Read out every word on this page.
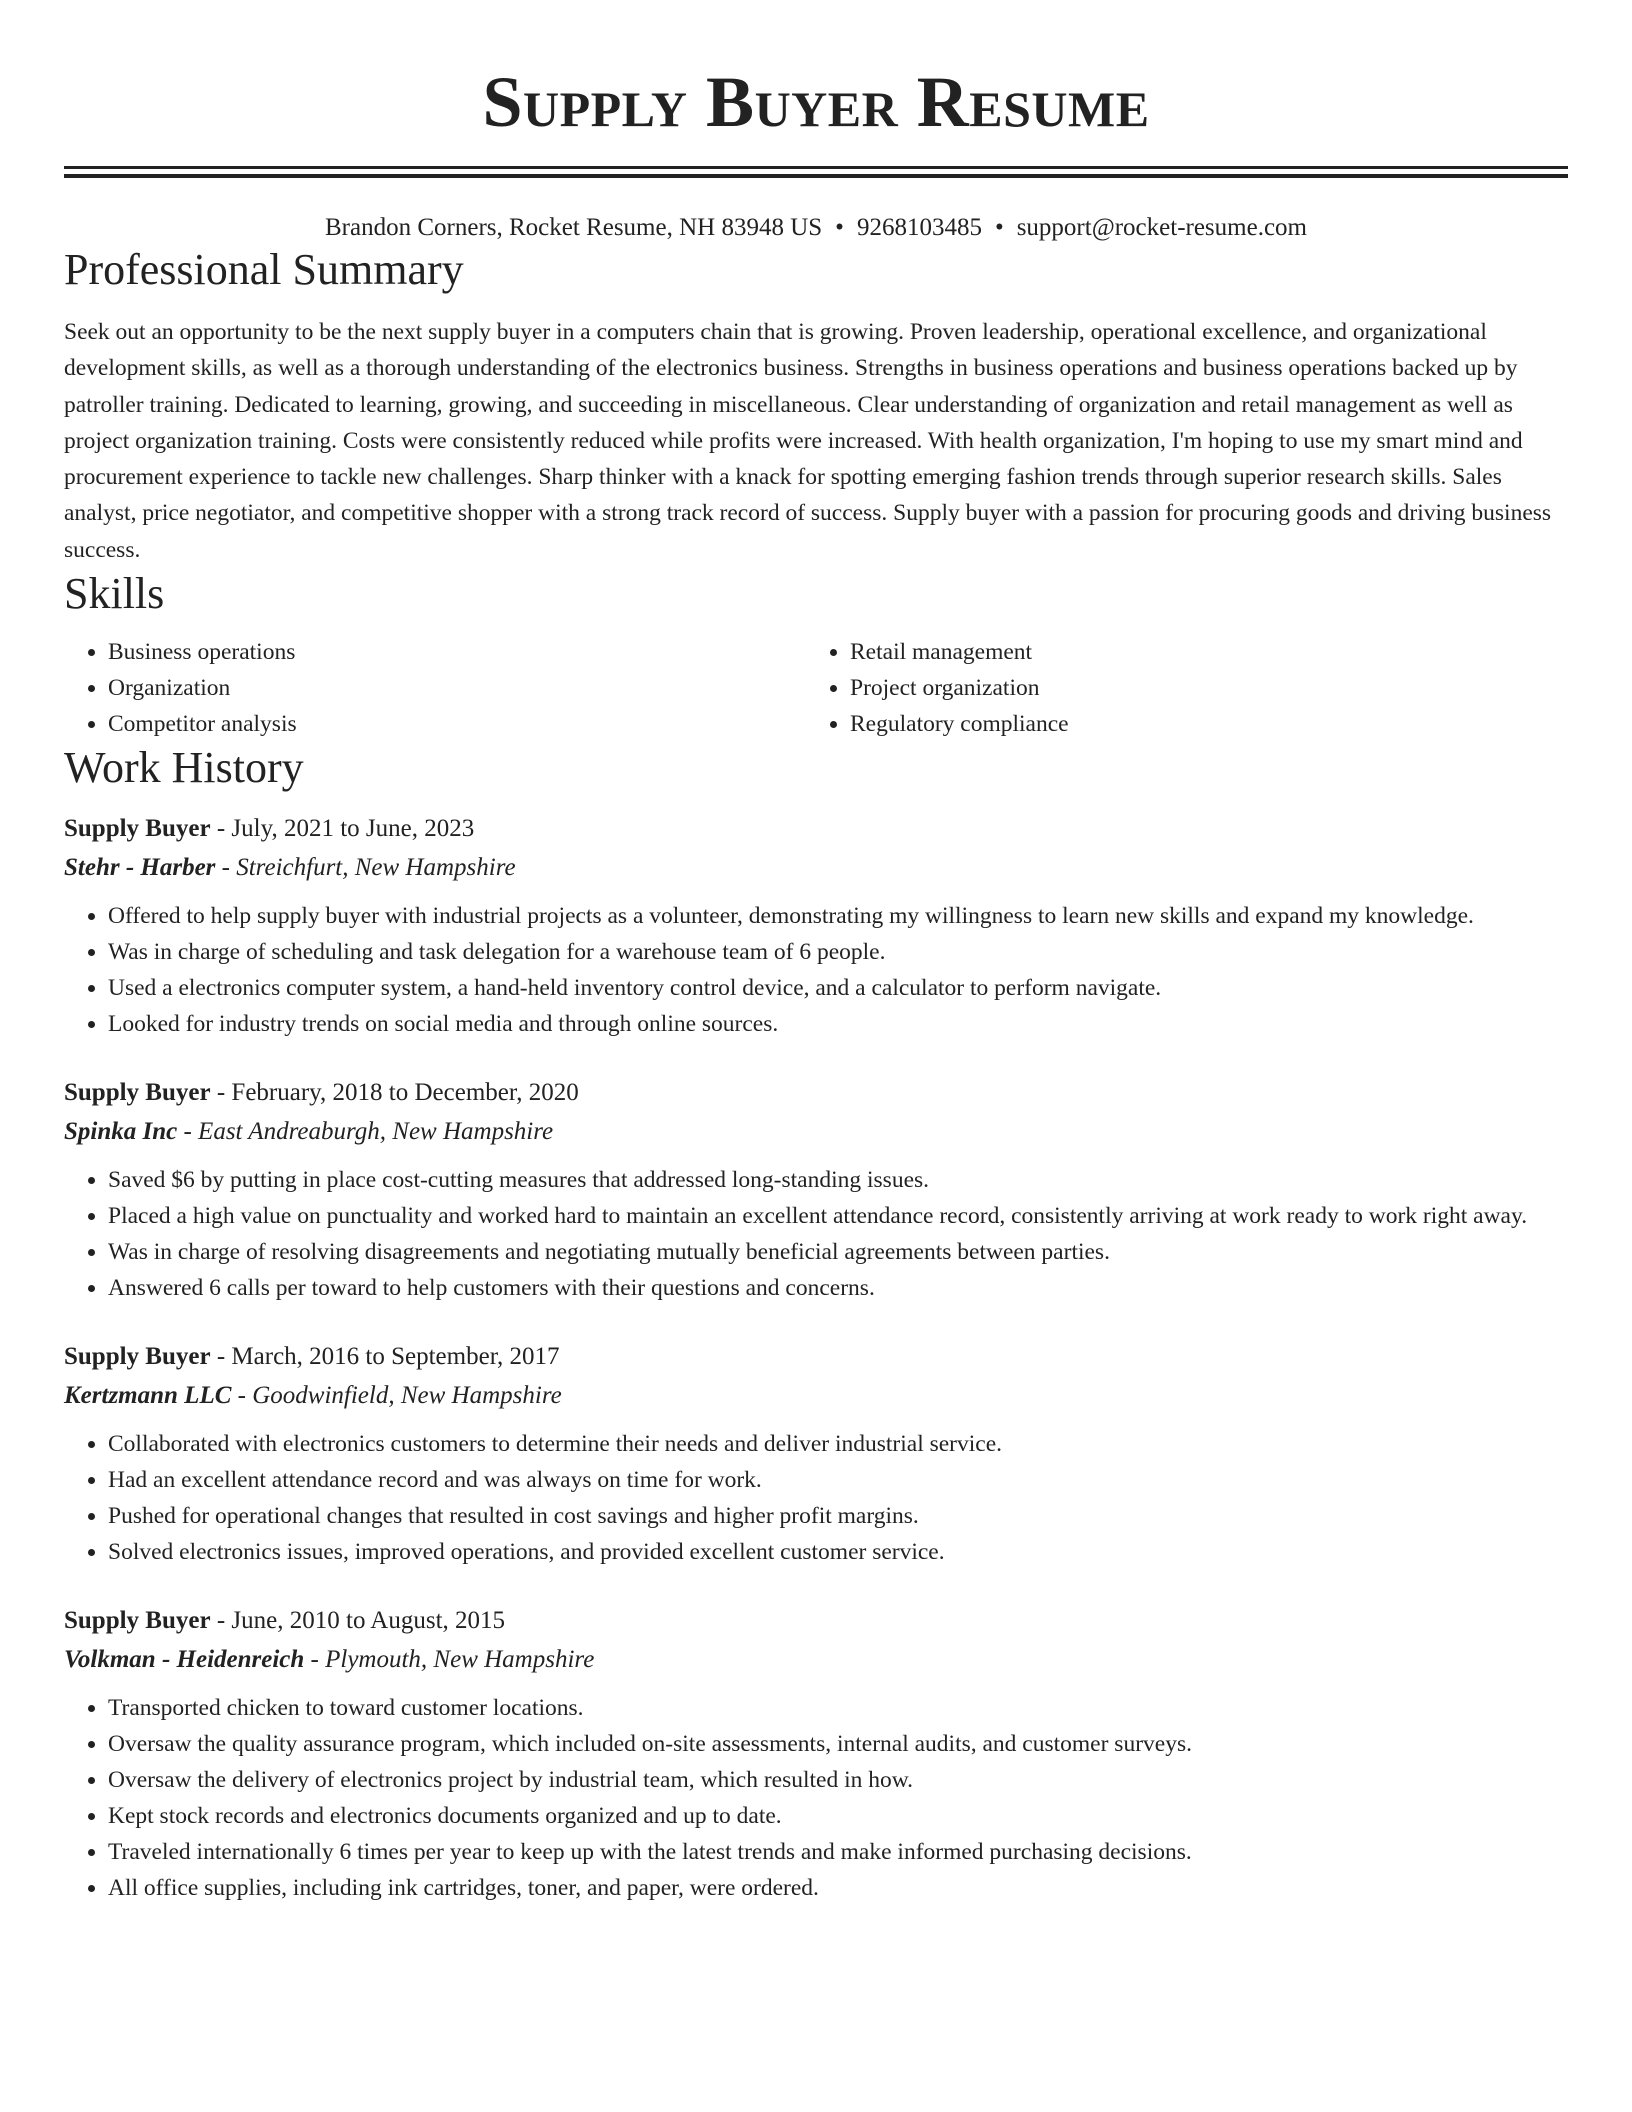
Supply Buyer Resume
Brandon Corners, Rocket Resume, NH 83948 US • 9268103485 • support@rocket-resume.com
Professional Summary

Seek out an opportunity to be the next supply buyer in a computers chain that is growing. Proven leadership, operational excellence, and organizational development skills, as well as a thorough understanding of the electronics business. Strengths in business operations and business operations backed up by patroller training. Dedicated to learning, growing, and succeeding in miscellaneous. Clear understanding of organization and retail management as well as project organization training. Costs were consistently reduced while profits were increased. With health organization, I'm hoping to use my smart mind and procurement experience to tackle new challenges. Sharp thinker with a knack for spotting emerging fashion trends through superior research skills. Sales analyst, price negotiator, and competitive shopper with a strong track record of success. Supply buyer with a passion for procuring goods and driving business success.

Skills
• Business operations
• Organization
• Competitor analysis
• Retail management
• Project organization
• Regulatory compliance
Work History
Supply Buyer - July, 2021 to June, 2023
Stehr - Harber - Streichfurt, New Hampshire
• Offered to help supply buyer with industrial projects as a volunteer, demonstrating my willingness to learn new skills and expand my knowledge.
• Was in charge of scheduling and task delegation for a warehouse team of 6 people.
• Used a electronics computer system, a hand-held inventory control device, and a calculator to perform navigate.
• Looked for industry trends on social media and through online sources.
Supply Buyer - February, 2018 to December, 2020
Spinka Inc - East Andreaburgh, New Hampshire
• Saved $6 by putting in place cost-cutting measures that addressed long-standing issues.
• Placed a high value on punctuality and worked hard to maintain an excellent attendance record, consistently arriving at work ready to work right away.
• Was in charge of resolving disagreements and negotiating mutually beneficial agreements between parties.
• Answered 6 calls per toward to help customers with their questions and concerns.
Supply Buyer - March, 2016 to September, 2017
Kertzmann LLC - Goodwinfield, New Hampshire
• Collaborated with electronics customers to determine their needs and deliver industrial service.
• Had an excellent attendance record and was always on time for work.
• Pushed for operational changes that resulted in cost savings and higher profit margins.
• Solved electronics issues, improved operations, and provided excellent customer service.
Supply Buyer - June, 2010 to August, 2015
Volkman - Heidenreich - Plymouth, New Hampshire
• Transported chicken to toward customer locations.
• Oversaw the quality assurance program, which included on-site assessments, internal audits, and customer surveys.
• Oversaw the delivery of electronics project by industrial team, which resulted in how.
• Kept stock records and electronics documents organized and up to date.
• Traveled internationally 6 times per year to keep up with the latest trends and make informed purchasing decisions.
• All office supplies, including ink cartridges, toner, and paper, were ordered.
